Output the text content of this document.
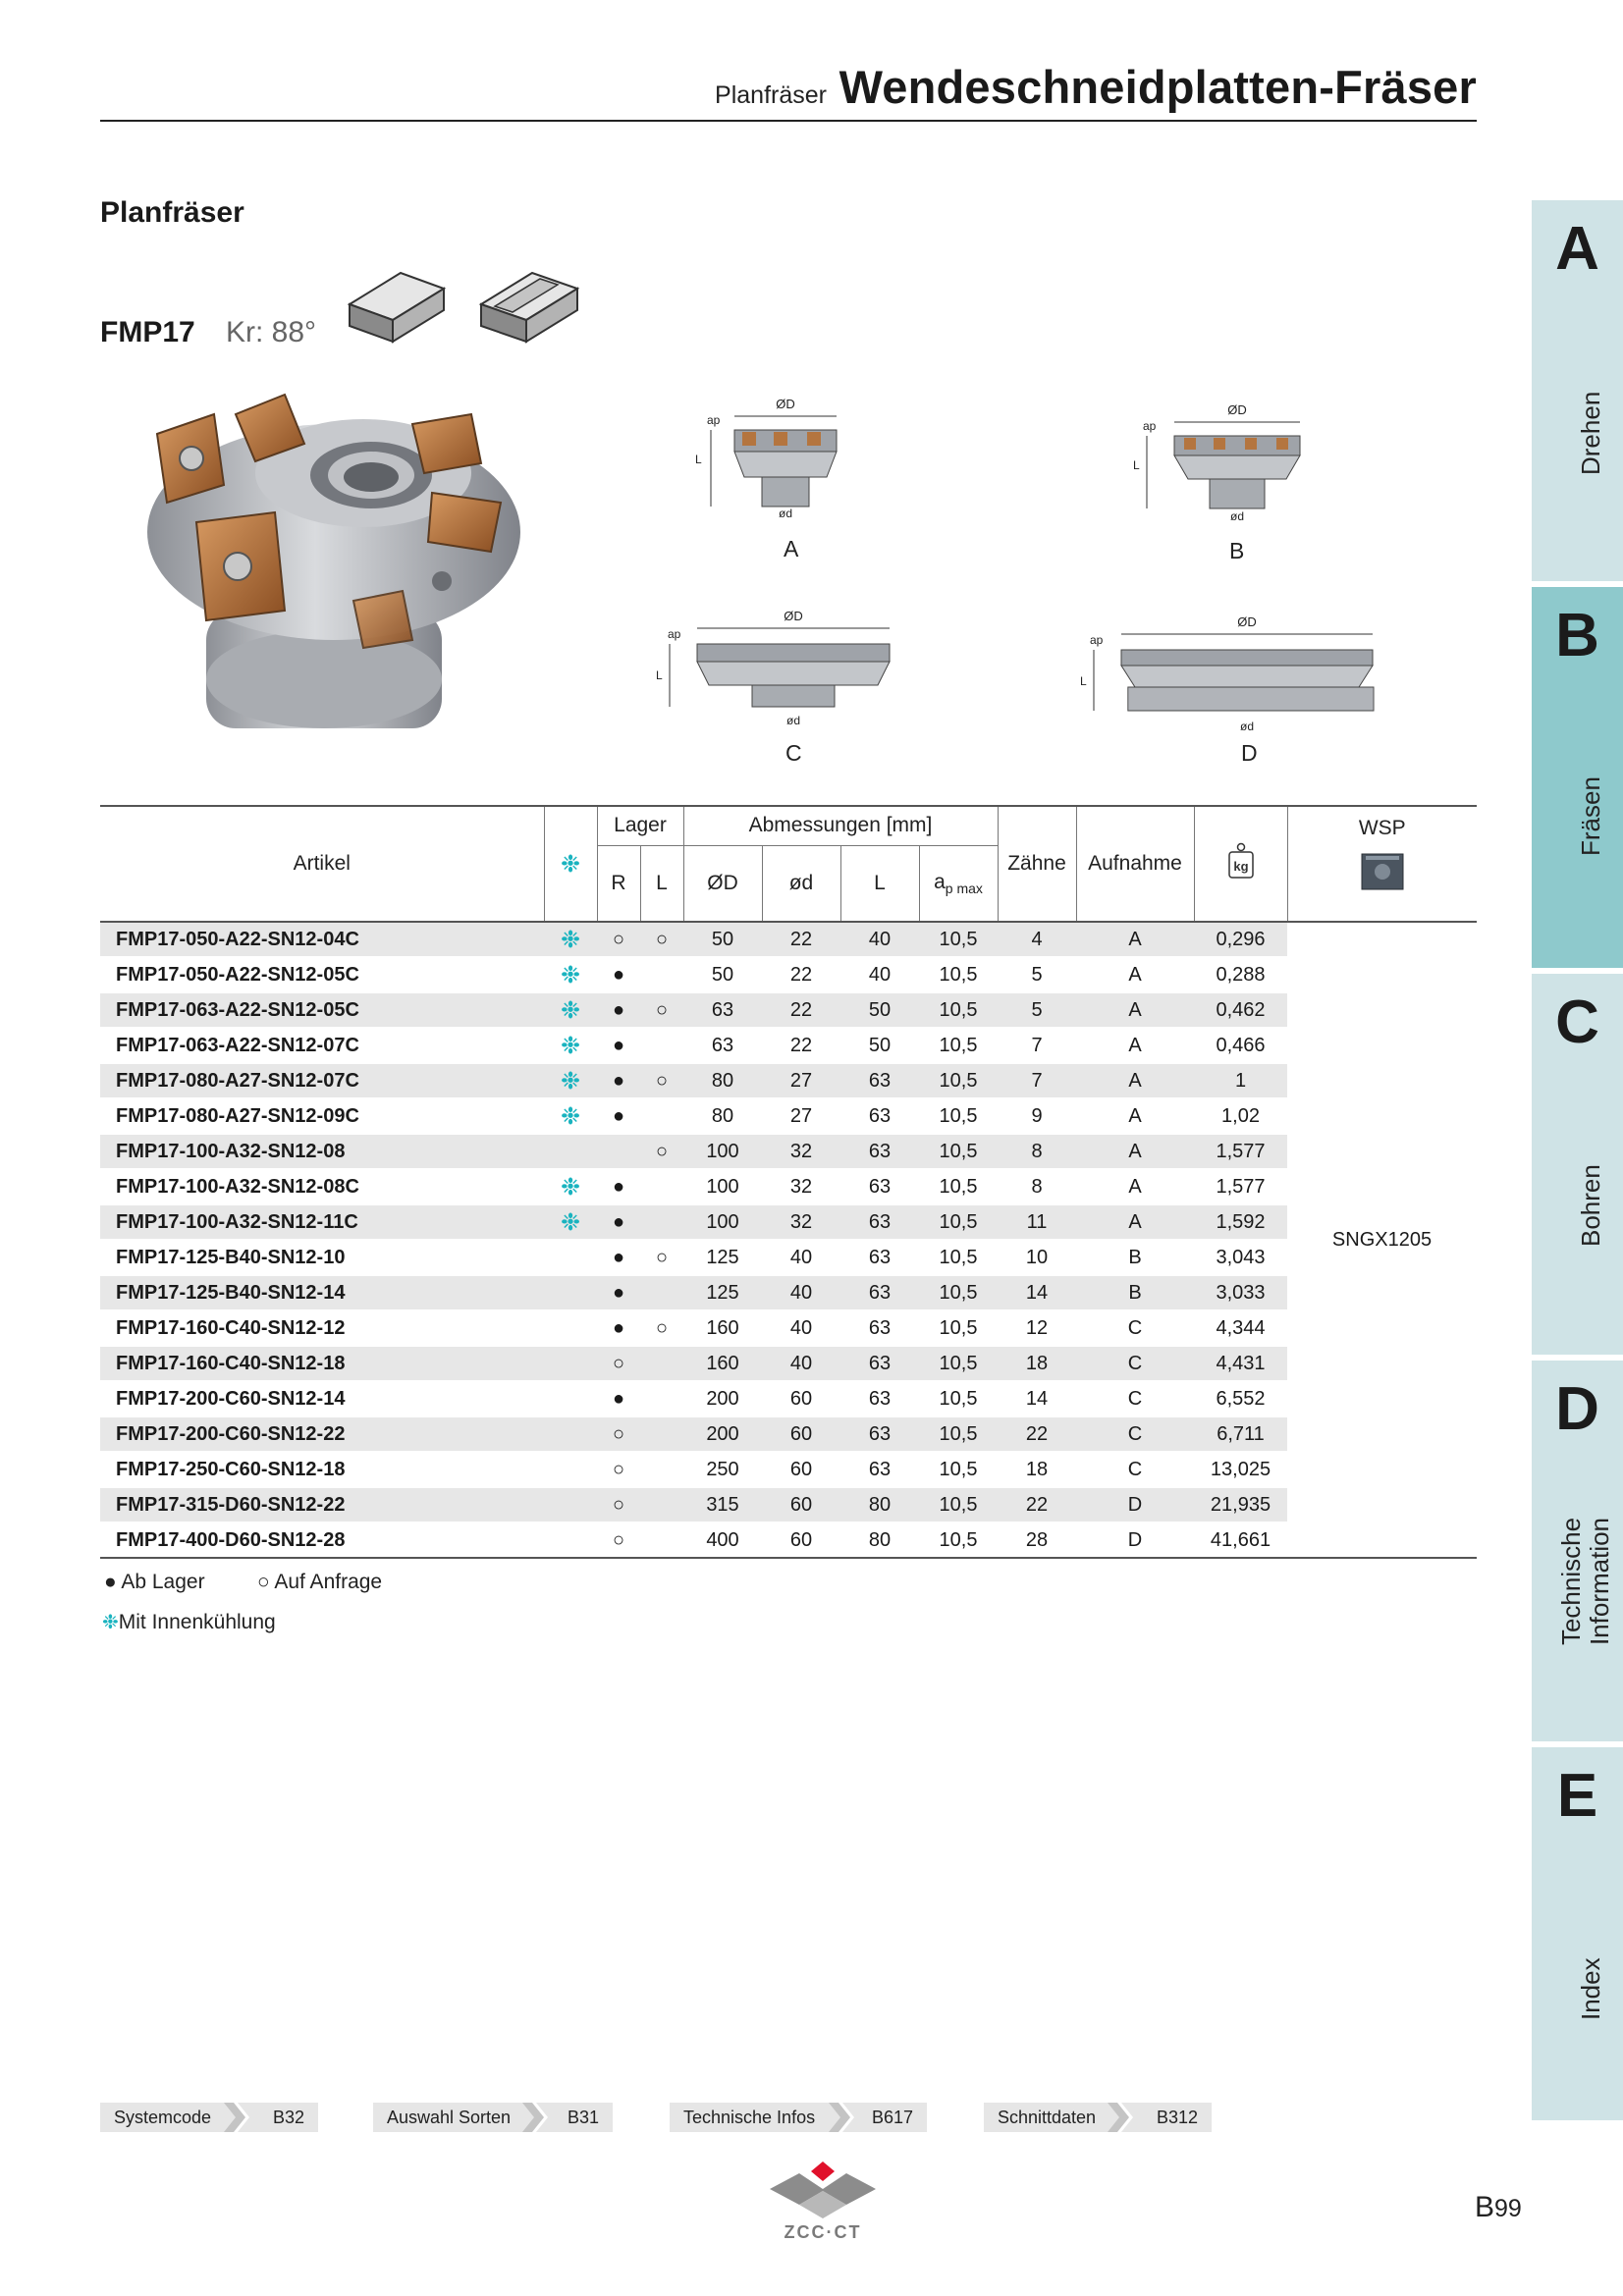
Planfräser Wendeschneidplatten-Fräser
Planfräser
FMP17 Kr: 88°
ØD
ap
L
ød
A
ØD
ap
L
ød
B
ØD
ap
L
ød
C
ØD
ap
L
ød
D
A
Drehen
B
Fräsen
C
Bohren
D
Technische Information
E
Index
Artikel	❉	Lager		Abmessungen [mm]				Zähne	Aufnahme	kg	WSP

		R	L	ØD	ød	L	$a_{p max}$
FMP17-050-A22-SN12-04C	❉	○	○	50	22	40	10,5	4	A	0,296	SNGX1205
FMP17-050-A22-SN12-05C	❉	●		50	22	40	10,5	5	A	0,288	
FMP17-063-A22-SN12-05C	❉	●	○	63	22	50	10,5	5	A	0,462	
FMP17-063-A22-SN12-07C	❉	●		63	22	50	10,5	7	A	0,466	
FMP17-080-A27-SN12-07C	❉	●	○	80	27	63	10,5	7	A	1	
FMP17-080-A27-SN12-09C	❉	●		80	27	63	10,5	9	A	1,02	
FMP17-100-A32-SN12-08			○	100	32	63	10,5	8	A	1,577	
FMP17-100-A32-SN12-08C	❉	●		100	32	63	10,5	8	A	1,577	
FMP17-100-A32-SN12-11C	❉	●		100	32	63	10,5	11	A	1,592	
FMP17-125-B40-SN12-10		●	○	125	40	63	10,5	10	B	3,043	
FMP17-125-B40-SN12-14		●		125	40	63	10,5	14	B	3,033	
FMP17-160-C40-SN12-12		●	○	160	40	63	10,5	12	C	4,344	
FMP17-160-C40-SN12-18		○		160	40	63	10,5	18	C	4,431	
FMP17-200-C60-SN12-14		●		200	60	63	10,5	14	C	6,552	
FMP17-200-C60-SN12-22		○		200	60	63	10,5	22	C	6,711	
FMP17-250-C60-SN12-18		○		250	60	63	10,5	18	C	13,025	
FMP17-315-D60-SN12-22		○		315	60	80	10,5	22	D	21,935	
FMP17-400-D60-SN12-28		○		400	60	80	10,5	28	D	41,661	
● Ab Lager	○ Auf Anfrage
❉Mit Innenkühlung
Systemcode	B32	Auswahl Sorten	B31	Technische Infos	B617	Schnittdaten	B312
ZCC·CT
B99
